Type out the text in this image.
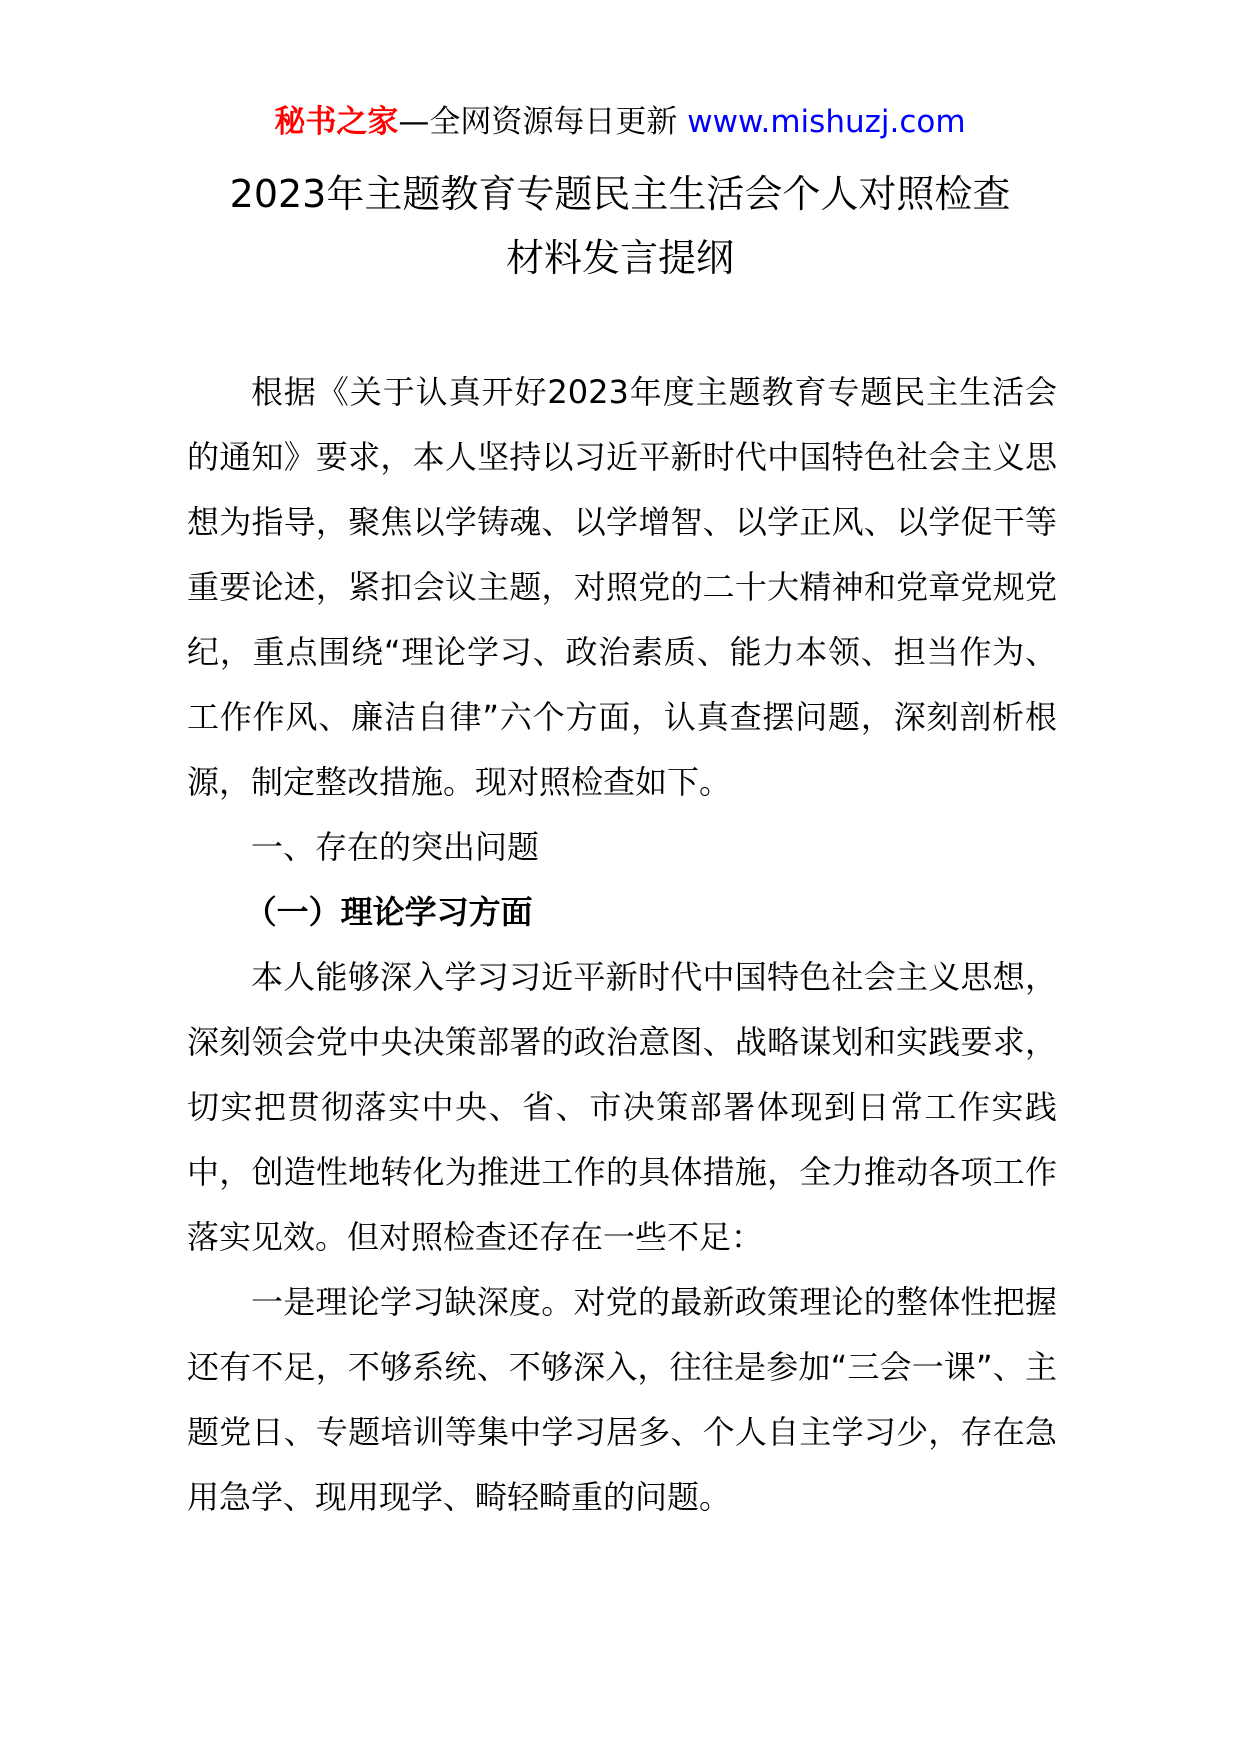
秘书之家—全网资源每日更新 www.mishuzj.com
2023年主题教育专题民主生活会个人对照检查
材料发言提纲

根据《关于认真开好2023年度主题教育专题民主生活会的通知》要求，本人坚持以习近平新时代中国特色社会主义思想为指导，聚焦以学铸魂、以学增智、以学正风、以学促干等重要论述，紧扣会议主题，对照党的二十大精神和党章党规党纪，重点围绕“理论学习、政治素质、能力本领、担当作为、工作作风、廉洁自律”六个方面，认真查摆问题，深刻剖析根源，制定整改措施。现对照检查如下。

一、存在的突出问题

（一）理论学习方面

本人能够深入学习习近平新时代中国特色社会主义思想，深刻领会党中央决策部署的政治意图、战略谋划和实践要求，切实把贯彻落实中央、省、市决策部署体现到日常工作实践中，创造性地转化为推进工作的具体措施，全力推动各项工作落实见效。但对照检查还存在一些不足：

一是理论学习缺深度。对党的最新政策理论的整体性把握还有不足，不够系统、不够深入，往往是参加“三会一课”、主题党日、专题培训等集中学习居多、个人自主学习少，存在急用急学、现用现学、畸轻畸重的问题。
